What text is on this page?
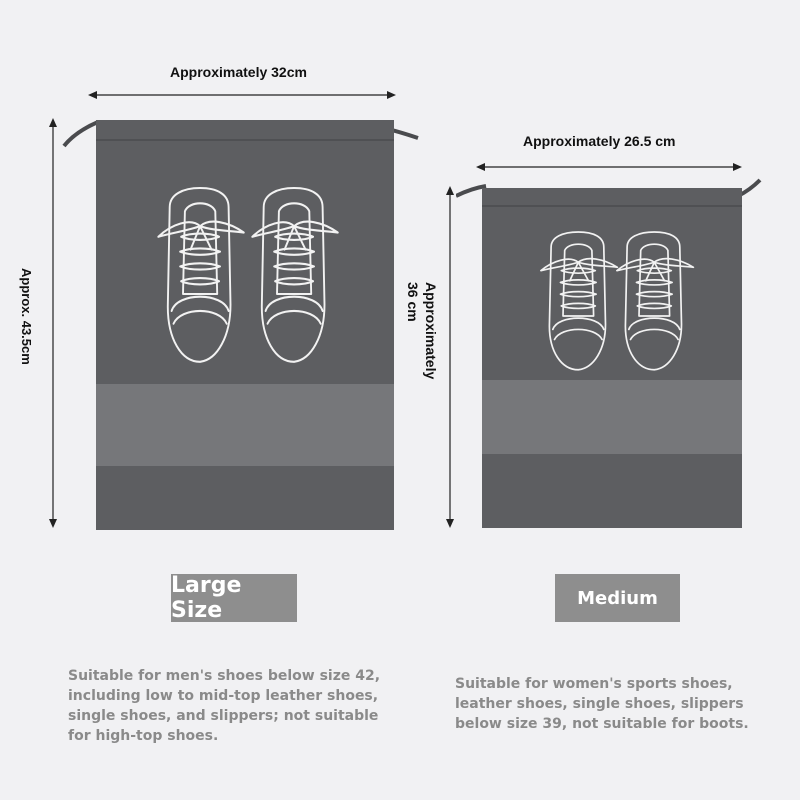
Approximately 32cm
Approx. 43.5cm
Large Size
Suitable for men's shoes below size 42, including low to mid-top leather shoes, single shoes, and slippers; not suitable for high-top shoes.
Approximately 26.5 cm
Approximately 36 cm
Medium
Suitable for women's sports shoes, leather shoes, single shoes, slippers below size 39, not suitable for boots.
